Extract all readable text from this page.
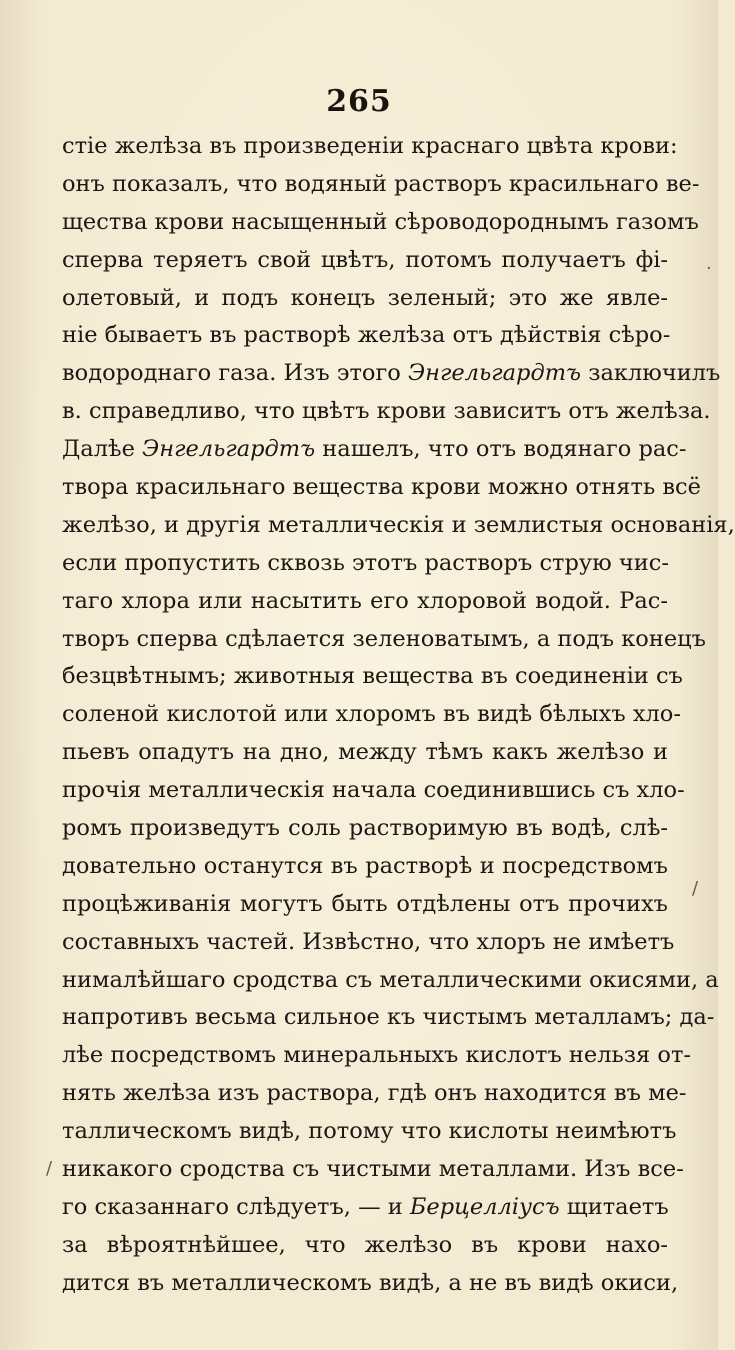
265
стіе желѣза въ произведеніи краснаго цвѣта крови:
онъ показалъ, что водяный растворъ красильнаго ве-
щества крови насыщенный сѣроводороднымъ газомъ
сперва теряетъ свой цвѣтъ, потомъ получаетъ фі-
олетовый, и подъ конецъ зеленый; это же явле-
ніе бываетъ въ растворѣ желѣза отъ дѣйствія сѣро-
водороднаго газа. Изъ этого Энгельгардтъ заключилъ
в. справедливо, что цвѣтъ крови зависитъ отъ желѣза.
Далѣе Энгельгардтъ нашелъ, что отъ водянаго рас-
твора красильнаго вещества крови можно отнять всё
желѣзо, и другія металлическія и землистыя основанія,
если пропустить сквозь этотъ растворъ струю чис-
таго хлора или насытить его хлоровой водой. Рас-
творъ сперва сдѣлается зеленоватымъ, а подъ конецъ
безцвѣтнымъ; животныя вещества въ соединеніи съ
соленой кислотой или хлоромъ въ видѣ бѣлыхъ хло-
пьевъ опадутъ на дно, между тѣмъ какъ желѣзо и
прочія металлическія начала соединившись съ хло-
ромъ произведутъ соль растворимую въ водѣ, слѣ-
довательно останутся въ растворѣ и посредствомъ
процѣживанія могутъ быть отдѣлены отъ прочихъ
составныхъ частей. Извѣстно, что хлоръ не имѣетъ
нималѣйшаго сродства съ металлическими окисями, а
напротивъ весьма сильное къ чистымъ металламъ; да-
лѣе посредствомъ минеральныхъ кислотъ нельзя от-
нять желѣза изъ раствора, гдѣ онъ находится въ ме-
таллическомъ видѣ, потому что кислоты неимѣютъ
никакого сродства съ чистыми металлами. Изъ все-
го сказаннаго слѣдуетъ, — и Берцелліусъ щитаетъ
за вѣроятнѣйшее, что желѣзо въ крови нахо-
дится въ металлическомъ видѣ, а не въ видѣ окиси,
·
/
/
